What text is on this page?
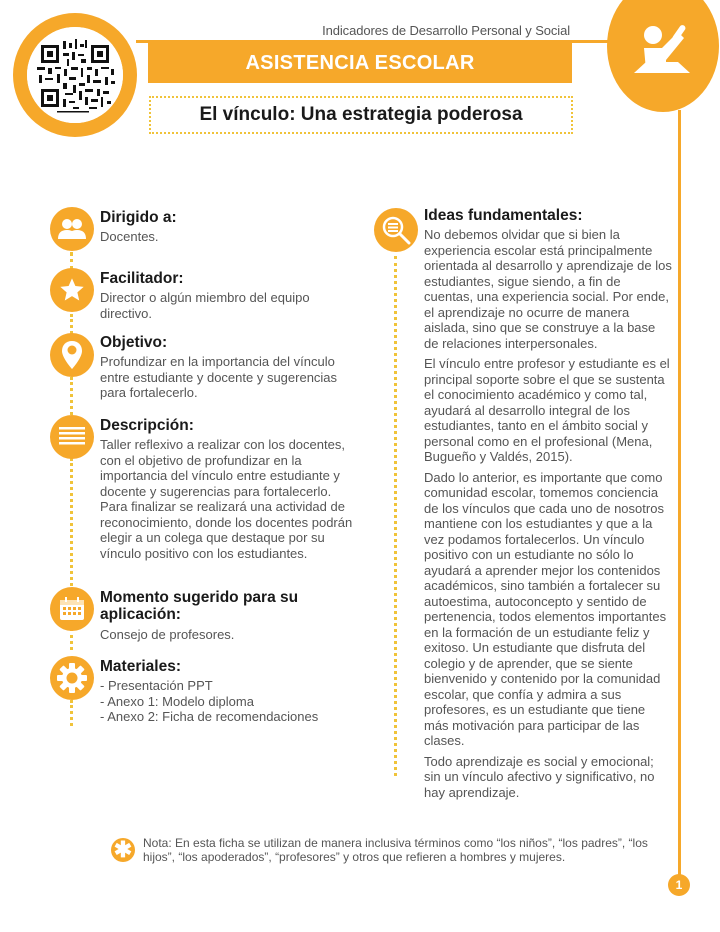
Indicadores de Desarrollo Personal y Social
ASISTENCIA ESCOLAR
El vínculo: Una estrategia poderosa
Dirigido a:
Docentes.
Facilitador:
Director o algún miembro del equipo directivo.
Objetivo:
Profundizar en la importancia del vínculo entre estudiante y docente y sugerencias para fortalecerlo.
Descripción:
Taller reflexivo a realizar con los docentes, con el objetivo de profundizar en la importancia del vínculo entre estudiante y docente y sugerencias para fortalecerlo. Para finalizar se realizará una actividad de reconocimiento, donde los docentes podrán elegir a un colega que destaque por su vínculo positivo con los estudiantes.
Momento sugerido para su aplicación:
Consejo de profesores.
Materiales:
- Presentación PPT
- Anexo 1: Modelo diploma
- Anexo 2: Ficha de recomendaciones
Ideas fundamentales:

No debemos olvidar que si bien la experiencia escolar está principalmente orientada al desarrollo y aprendizaje de los estudiantes, sigue siendo, a fin de cuentas, una experiencia social. Por ende, el aprendizaje no ocurre de manera aislada, sino que se construye a la base de relaciones interpersonales.

El vínculo entre profesor y estudiante es el principal soporte sobre el que se sustenta el conocimiento académico y como tal, ayudará al desarrollo integral de los estudiantes, tanto en el ámbito social y personal como en el profesional (Mena, Bugueño y Valdés, 2015).

Dado lo anterior, es importante que como comunidad escolar, tomemos conciencia de los vínculos que cada uno de nosotros mantiene con los estudiantes y que a la vez podamos fortalecerlos. Un vínculo positivo con un estudiante no sólo lo ayudará a aprender mejor los contenidos académicos, sino también a fortalecer su autoestima, autoconcepto y sentido de pertenencia, todos elementos importantes en la formación de un estudiante feliz y exitoso. Un estudiante que disfruta del colegio y de aprender, que se siente bienvenido y contenido por la comunidad escolar, que confía y admira a sus profesores, es un estudiante que tiene más motivación para participar de las clases.

Todo aprendizaje es social y emocional; sin un vínculo afectivo y significativo, no hay aprendizaje.

✱ Nota: En esta ficha se utilizan de manera inclusiva términos como “los niños”, “los padres”, “los hijos”, “los apoderados”, “profesores” y otros que refieren a hombres y mujeres.
1
